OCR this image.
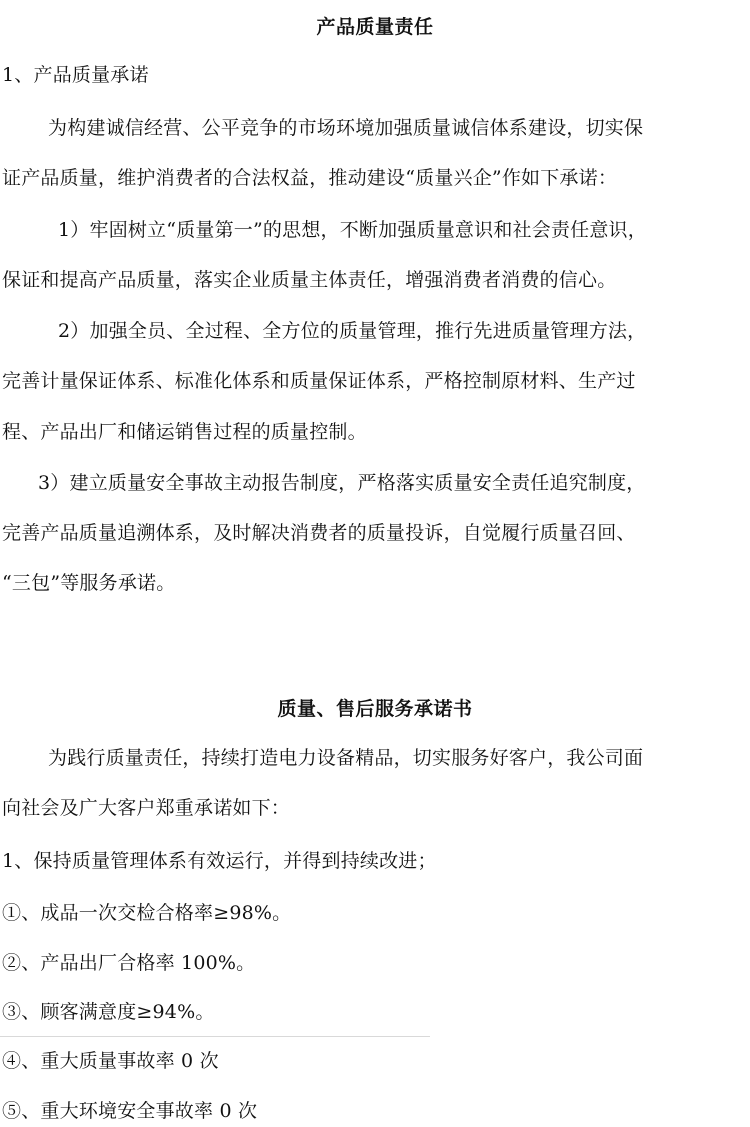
产品质量责任
1、产品质量承诺
为构建诚信经营、公平竞争的市场环境加强质量诚信体系建设，切实保
证产品质量，维护消费者的合法权益，推动建设“质量兴企”作如下承诺：
1）牢固树立“质量第一”的思想，不断加强质量意识和社会责任意识，
保证和提高产品质量，落实企业质量主体责任，增强消费者消费的信心。
2）加强全员、全过程、全方位的质量管理，推行先进质量管理方法，
完善计量保证体系、标准化体系和质量保证体系，严格控制原材料、生产过
程、产品出厂和储运销售过程的质量控制。
3）建立质量安全事故主动报告制度，严格落实质量安全责任追究制度，
完善产品质量追溯体系，及时解决消费者的质量投诉，自觉履行质量召回、
“三包”等服务承诺。
质量、售后服务承诺书
为践行质量责任，持续打造电力设备精品，切实服务好客户，我公司面
向社会及广大客户郑重承诺如下：
1、保持质量管理体系有效运行，并得到持续改进；
①、成品一次交检合格率≥98%。
②、产品出厂合格率 100%。
③、顾客满意度≥94%。
④、重大质量事故率 0 次
⑤、重大环境安全事故率 0 次
